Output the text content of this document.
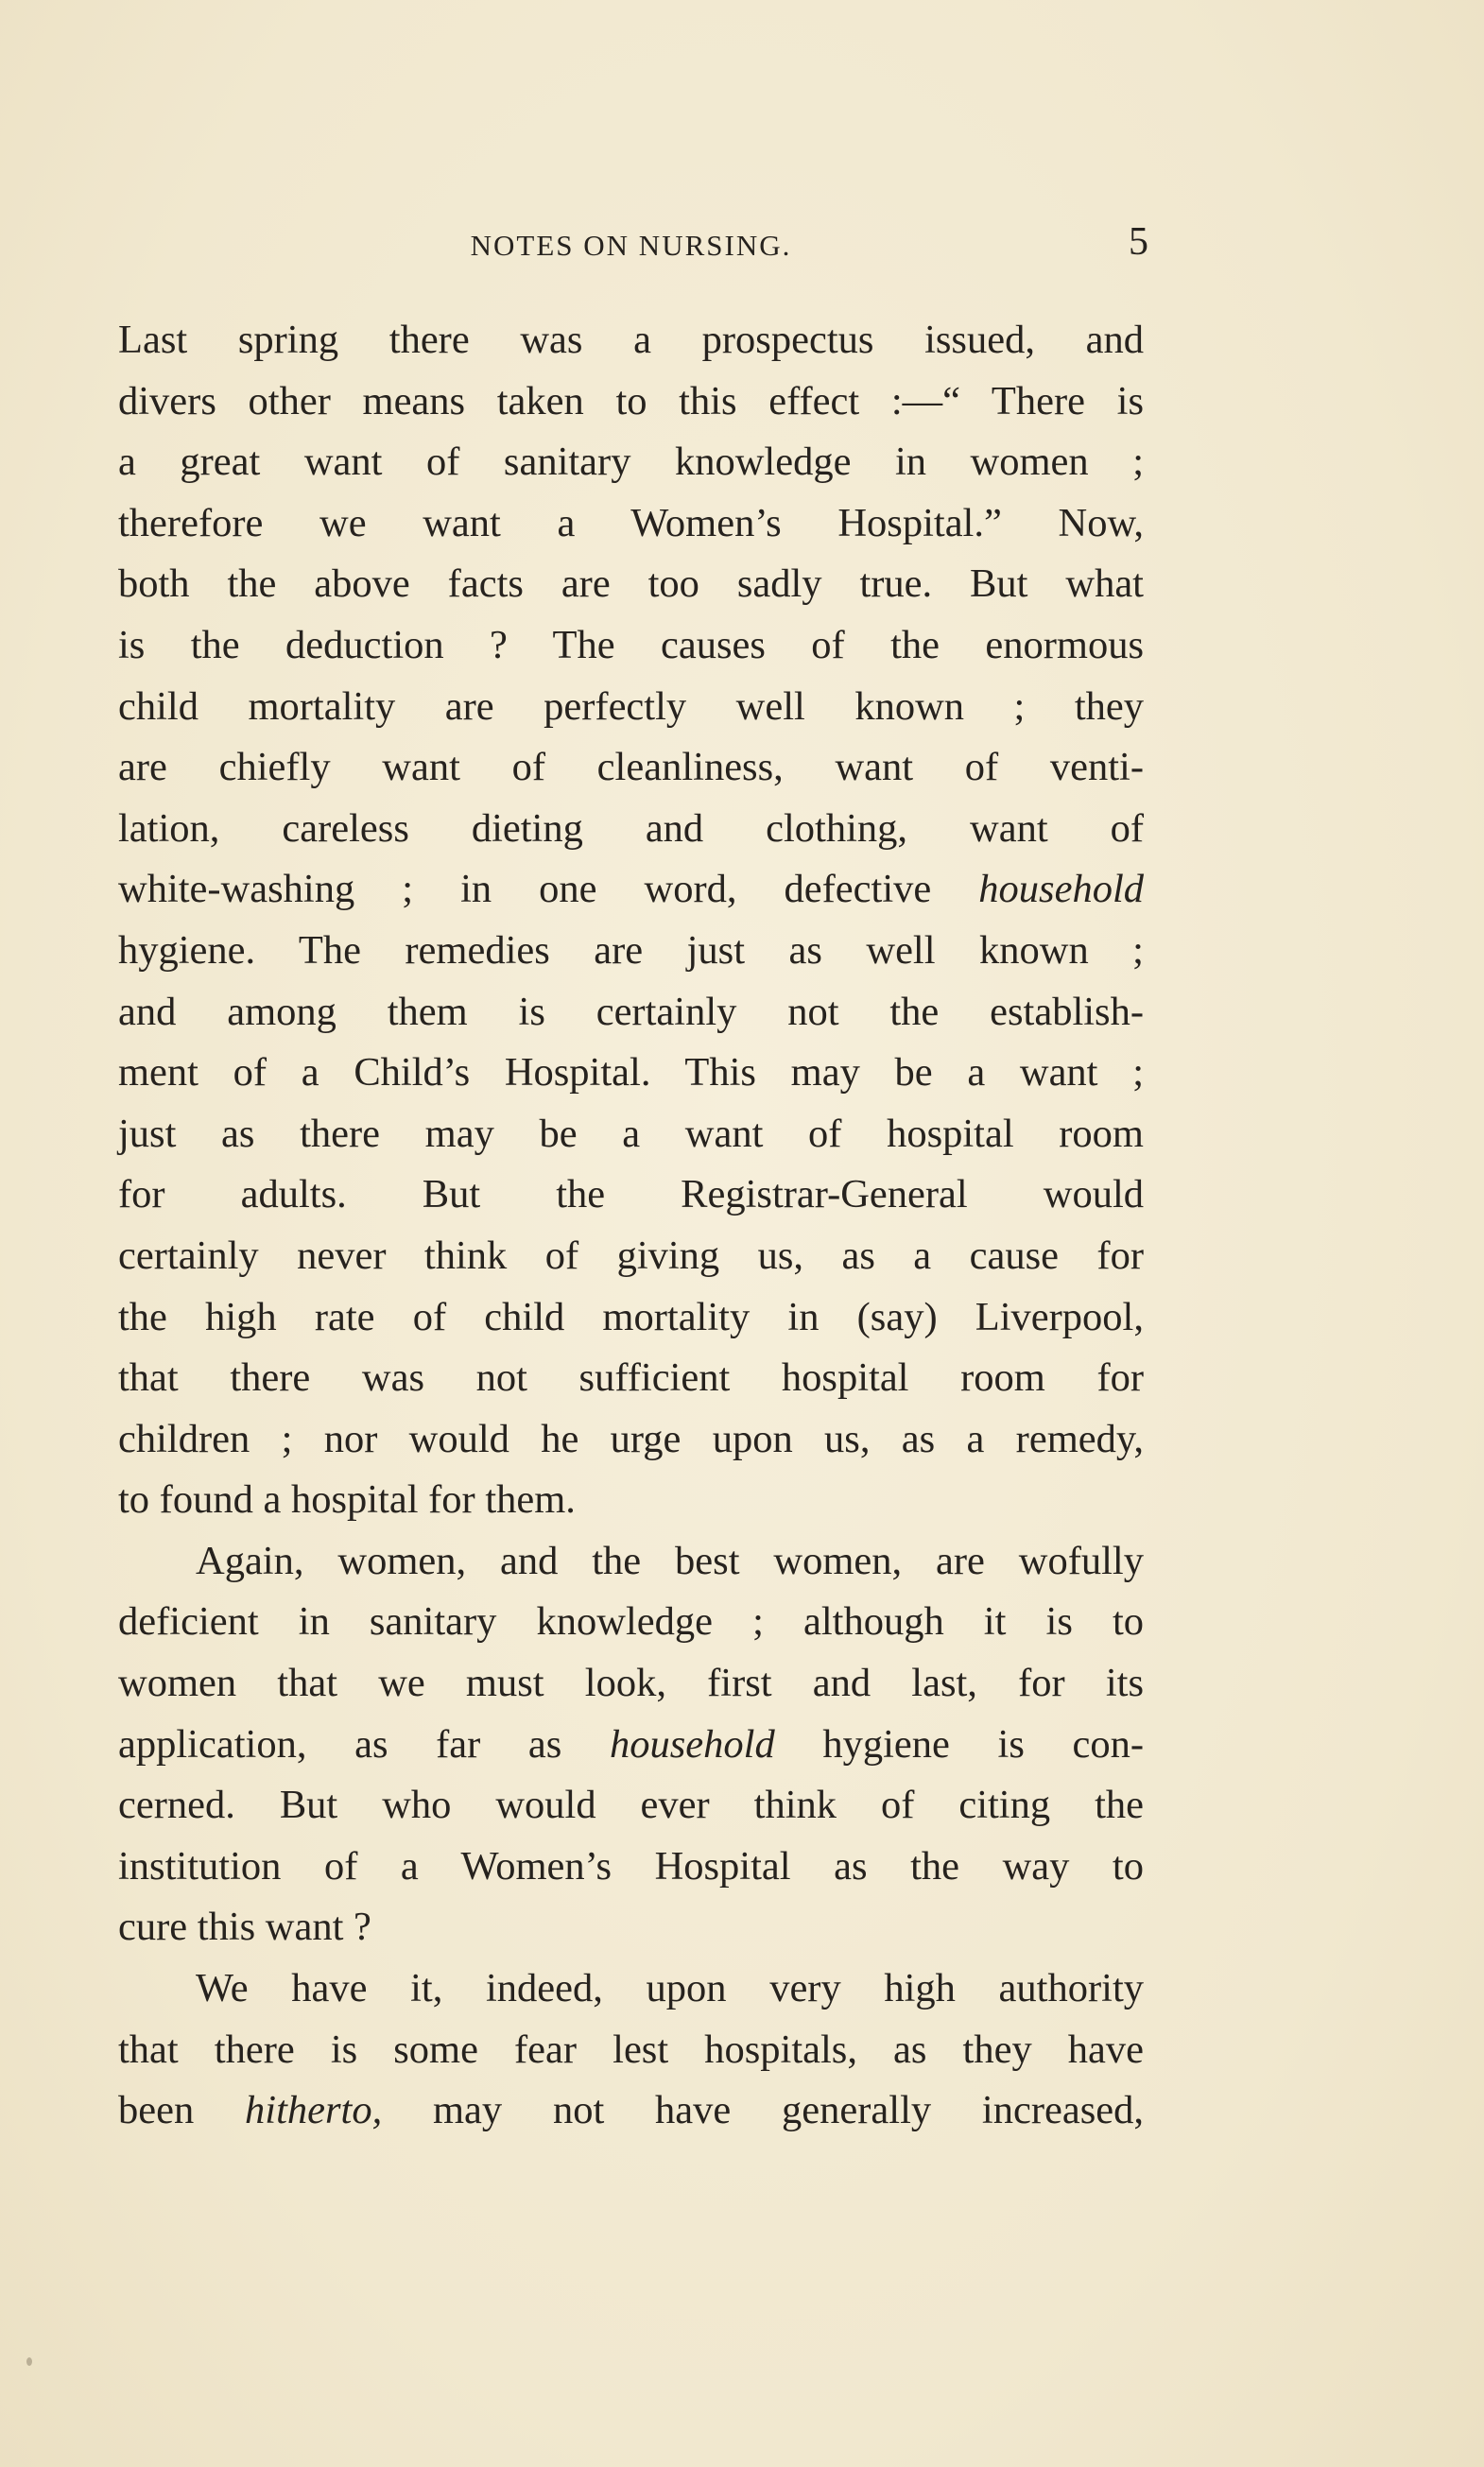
NOTES ON NURSING.	5
Last spring there was a prospectus issued, and
divers other means taken to this effect :—“ There is
a great want of sanitary knowledge in women ;
therefore we want a Women’s Hospital.” Now,
both the above facts are too sadly true. But what
is the deduction ? The causes of the enormous
child mortality are perfectly well known ; they
are chiefly want of cleanliness, want of venti-
lation, careless dieting and clothing, want of
white-washing ; in one word, defective household
hygiene. The remedies are just as well known ;
and among them is certainly not the establish-
ment of a Child’s Hospital. This may be a want ;
just as there may be a want of hospital room
for adults. But the Registrar-General would
certainly never think of giving us, as a cause for
the high rate of child mortality in (say) Liverpool,
that there was not sufficient hospital room for
children ; nor would he urge upon us, as a remedy,
to found a hospital for them.
Again, women, and the best women, are wofully
deficient in sanitary knowledge ; although it is to
women that we must look, first and last, for its
application, as far as household hygiene is con-
cerned. But who would ever think of citing the
institution of a Women’s Hospital as the way to
cure this want ?
We have it, indeed, upon very high authority
that there is some fear lest hospitals, as they have
been hitherto, may not have generally increased,
